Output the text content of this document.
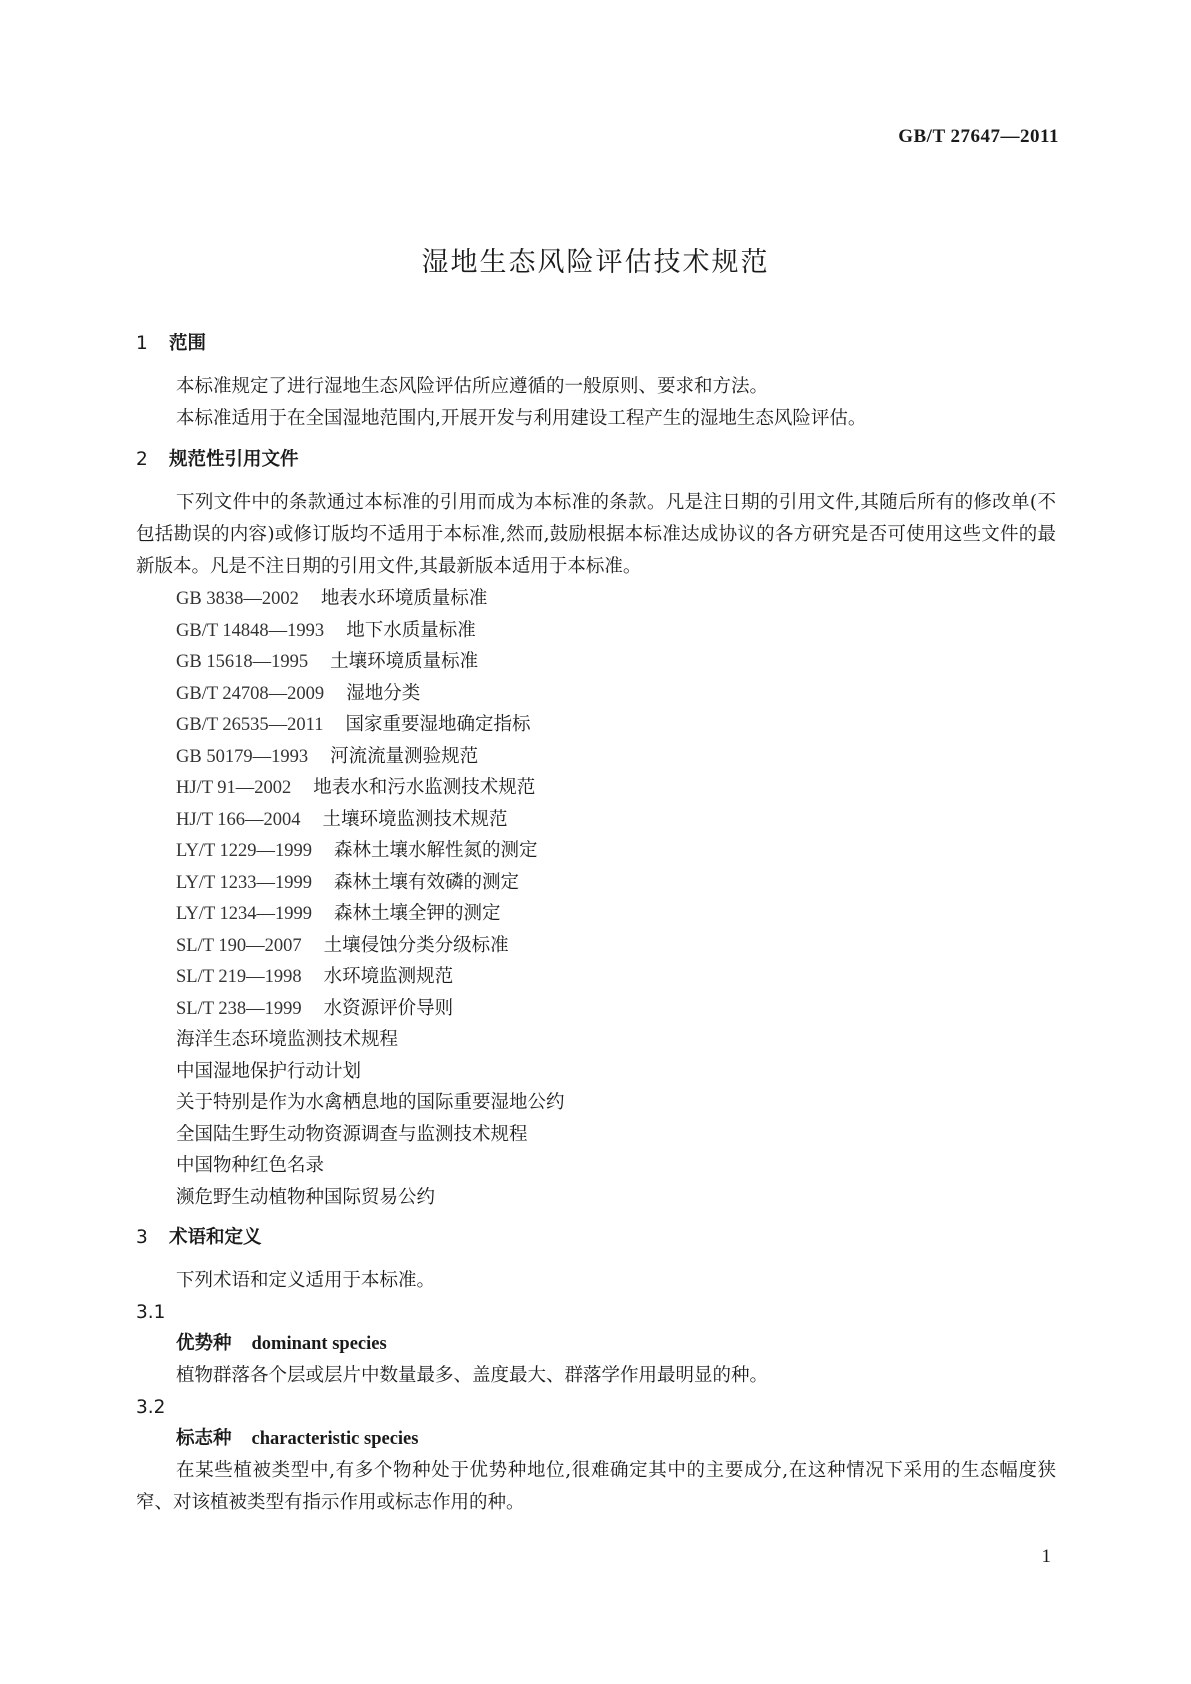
GB/T 27647—2011
湿地生态风险评估技术规范
1 范围

本标准规定了进行湿地生态风险评估所应遵循的一般原则、要求和方法。

本标准适用于在全国湿地范围内,开展开发与利用建设工程产生的湿地生态风险评估。

2 规范性引用文件

下列文件中的条款通过本标准的引用而成为本标准的条款。凡是注日期的引用文件,其随后所有的修改单(不包括勘误的内容)或修订版均不适用于本标准,然而,鼓励根据本标准达成协议的各方研究是否可使用这些文件的最新版本。凡是不注日期的引用文件,其最新版本适用于本标准。

GB 3838—2002 地表水环境质量标准
GB/T 14848—1993 地下水质量标准
GB 15618—1995 土壤环境质量标准
GB/T 24708—2009 湿地分类
GB/T 26535—2011 国家重要湿地确定指标
GB 50179—1993 河流流量测验规范
HJ/T 91—2002 地表水和污水监测技术规范
HJ/T 166—2004 土壤环境监测技术规范
LY/T 1229—1999 森林土壤水解性氮的测定
LY/T 1233—1999 森林土壤有效磷的测定
LY/T 1234—1999 森林土壤全钾的测定
SL/T 190—2007 土壤侵蚀分类分级标准
SL/T 219—1998 水环境监测规范
SL/T 238—1999 水资源评价导则
海洋生态环境监测技术规程
中国湿地保护行动计划
关于特别是作为水禽栖息地的国际重要湿地公约
全国陆生野生动物资源调查与监测技术规程
中国物种红色名录
濒危野生动植物种国际贸易公约
3 术语和定义
下列术语和定义适用于本标准。
3.1
优势种 dominant species

植物群落各个层或层片中数量最多、盖度最大、群落学作用最明显的种。

3.2
标志种 characteristic species

在某些植被类型中,有多个物种处于优势种地位,很难确定其中的主要成分,在这种情况下采用的生态幅度狭窄、对该植被类型有指示作用或标志作用的种。

1
